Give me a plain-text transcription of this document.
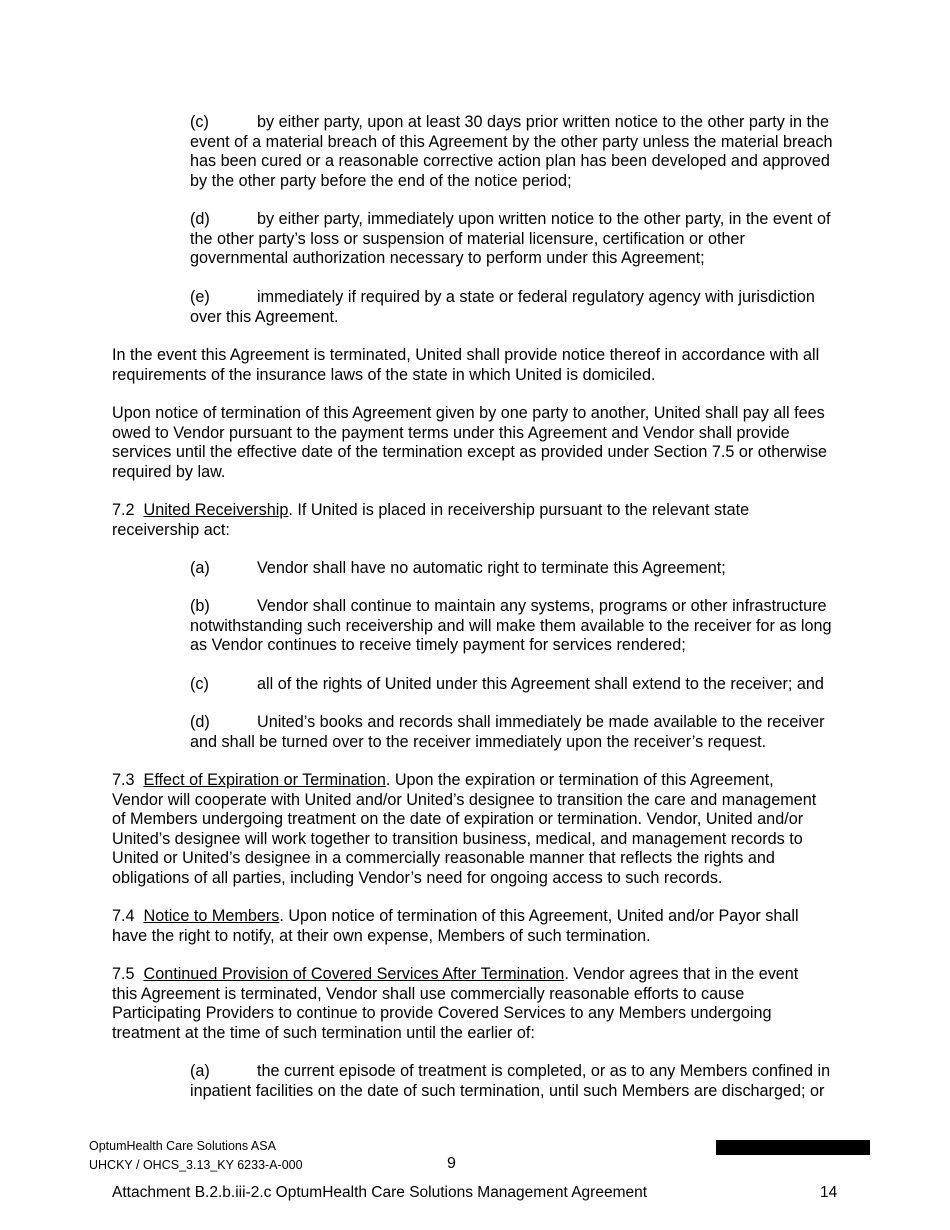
(c)	by either party, upon at least 30 days prior written notice to the other party in the
event of a material breach of this Agreement by the other party unless the material breach
has been cured or a reasonable corrective action plan has been developed and approved
by the other party before the end of the notice period;
(d)	by either party, immediately upon written notice to the other party, in the event of
the other party’s loss or suspension of material licensure, certification or other
governmental authorization necessary to perform under this Agreement;
(e)	immediately if required by a state or federal regulatory agency with jurisdiction
over this Agreement.
In the event this Agreement is terminated, United shall provide notice thereof in accordance with all
requirements of the insurance laws of the state in which United is domiciled.
Upon notice of termination of this Agreement given by one party to another, United shall pay all fees
owed to Vendor pursuant to the payment terms under this Agreement and Vendor shall provide
services until the effective date of the termination except as provided under Section 7.5 or otherwise
required by law.
7.2 United Receivership. If United is placed in receivership pursuant to the relevant state
receivership act:
(a)	Vendor shall have no automatic right to terminate this Agreement;
(b)	Vendor shall continue to maintain any systems, programs or other infrastructure
notwithstanding such receivership and will make them available to the receiver for as long
as Vendor continues to receive timely payment for services rendered;
(c)	all of the rights of United under this Agreement shall extend to the receiver; and
(d)	United’s books and records shall immediately be made available to the receiver
and shall be turned over to the receiver immediately upon the receiver’s request.
7.3 Effect of Expiration or Termination. Upon the expiration or termination of this Agreement,
Vendor will cooperate with United and/or United’s designee to transition the care and management
of Members undergoing treatment on the date of expiration or termination. Vendor, United and/or
United’s designee will work together to transition business, medical, and management records to
United or United’s designee in a commercially reasonable manner that reflects the rights and
obligations of all parties, including Vendor’s need for ongoing access to such records.
7.4 Notice to Members. Upon notice of termination of this Agreement, United and/or Payor shall
have the right to notify, at their own expense, Members of such termination.
7.5 Continued Provision of Covered Services After Termination. Vendor agrees that in the event
this Agreement is terminated, Vendor shall use commercially reasonable efforts to cause
Participating Providers to continue to provide Covered Services to any Members undergoing
treatment at the time of such termination until the earlier of:
(a)	the current episode of treatment is completed, or as to any Members confined in
inpatient facilities on the date of such termination, until such Members are discharged; or
OptumHealth Care Solutions ASA
UHCKY / OHCS_3.13_KY 6233-A-000	9
Attachment B.2.b.iii-2.c OptumHealth Care Solutions Management Agreement	14
